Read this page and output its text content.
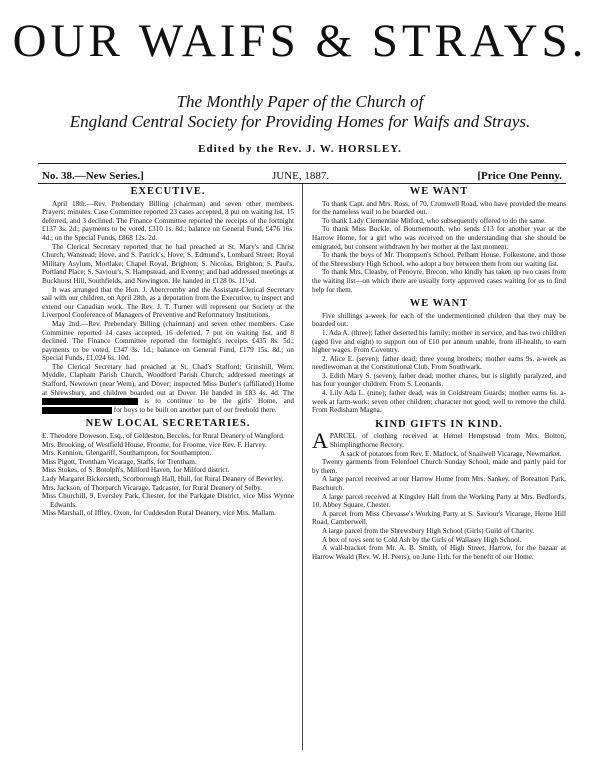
OUR WAIFS & STRAYS.
The Monthly Paper of the Church of
England Central Society for Providing Homes for Waifs and Strays.
Edited by the Rev. J. W. HORSLEY.
No. 38.—New Series.]	JUNE, 1887.	[Price One Penny.
EXECUTIVE.

April 18th.—Rev. Prebendary Billing (chairman) and seven other members. Prayers; minutes. Case Committee reported 23 cases accepted, 8 put on waiting list, 15 deferred, and 3 declined. The Finance Committee reported the receipts of the fortnight £137 3s. 2d.; payments to be voted, £310 1s. 8d.; balance on General Fund, £476 16s. 4d.; on the Special Funds, £868 12s. 2d.

The Clerical Secretary reported that he had preached at St. Mary's and Christ Church, Wanstead; Hove, and S. Patrick's, Hove; S. Edmund's, Lombard Street; Royal Military Asylum, Mortlake; Chapel Royal, Brighton; S. Nicolas, Brighton; S. Paul's, Portland Place; S. Saviour's, S. Hampstead, and Evenny; and had addressed meetings at Buckhurst Hill, Southfields, and Newington. He handed in £128 0s. 11½d.

It was arranged that the Hon. J. Abercromby and the Assistant-Clerical Secretary sail with our children, on April 28th, as a deputation from the Executive, to inspect and extend our Canadian work. The Rev. J. T. Turner will represent our Society at the Liverpool Conference of Managers of Preventive and Reformatory Institutions.

May 2nd.—Rev. Prebendary Billing (chairman) and seven other members. Case Committee reported 14 cases accepted, 16 deferred, 7 put on waiting list, and 8 declined. The Finance Committee reported the fortnight's receipts £435 8s. 5d.; payments to be voted, £347 3s. 1d.; balance on General Fund, £179 15s. 8d.; on Special Funds, £1,024 6s. 10d.

The Clerical Secretary had preached at St. Chad's Stafford; Grinshill, Wem, Myddle, Clapham Parish Church, Woodford Parish Church; addressed meetings at Stafford, Newtown (near Wem), and Dover; inspected Miss Butler's (affiliated) Home at Shrewsbury, and children boarded out at Dover. He handed in £83 4s. 4d. The  is to continue to be the girls' Home, and  for boys to be built on another part of our freehold there.

NEW LOCAL SECRETARIES.

E. Theodore Doweson, Esq., of Geldeston, Beccles, for Rural Deanery of Wangford.

Mrs. Brooking, of Westfield House, Froome, for Froome, vice Rev. F. Harvey.

Mrs. Kennion, Glengariff, Southampton, for Southampton.

Miss Pigott, Trentham Vicarage, Staffs, for Trentham.

Miss Stokes, of S. Botolph's, Milford Haven, for Milford district.

Lady Margaret Bickersteth, Scorborough Hall, Hull, for Rural Deanery of Beverley.

Mrs. Jackson, of Thorparch Vicarage, Tadcaster, for Rural Deanery of Selby.

Miss Churchill, 9, Eversley Park, Chester, for the Parkgate District, vice Miss Wynne Edwards.

Miss Marshall, of Iffley, Oxon, for Cuddesdon Rural Deanery, vice Mrs. Mallam.

WE WANT

To thank Capt. and Mrs. Ross, of 70, Cromwell Road, who have provided the means for the nameless waif to be boarded out.

To thank Lady Clementine Mitford, who subsequently offered to do the same.

To thank Miss Buckle, of Bournemouth, who sends £13 for another year at the Harrow Home, for a girl who was received on the understanding that she should be emigrated, but consent withdrawn by her mother at the last moment.

To thank the boys of Mr. Thompson's School, Pelham House, Folkestone, and those of the Shrewsbury High School, who adopt a boy between them from our waiting list.

To thank Mrs. Cleasby, of Penoyre, Brecon, who kindly has taken up two cases from the waiting list—on which there are usually forty approved cases waiting for us to find help for them.

WE WANT

Five shillings a-week for each of the undermentioned children that they may be boarded out:

1. Ada A. (three); father deserted his family; mother in service, and has two children (aged five and eight) to support out of £10 per annum unable, from ill-health, to earn higher wages. From Coventry.

2. Alice E. (seven); father dead; three young brothers; mother earns 9s. a-week as needlewoman at the Constitutional Club. From Southwark.

3. Edith Mary S. (seven); father dead; mother chares, but is slightly paralyzed, and has four younger children. From S. Leonards.

4. Lily Ada L. (nine); father dead, was in Coldstream Guards; mother earns 6s. a-week at farm-work; seven other children; character not good; well to remove the child. From Redisham Magna.

KIND GIFTS IN KIND.

A PARCEL of clothing received at Hemel Hempstead from Mrs. Bolton, Shimplingthorne Rectory.

A sack of potatoes from Rev. E. Matlock, of Snailwell Vicarage, Newmarket.

Twenty garments from Felenfoel Church Sunday School, made and partly paid for by them.

A large parcel received at our Harrow Home from Mrs. Sankey, of Boreatton Park, Baschurch.

A large parcel received at Kingsley Hall from the Working Party at Mrs. Bedford's, 10, Abbey Square, Chester.

A parcel from Miss Chevasse's Working Party at S. Saviour's Vicarage, Herne Hill Road, Camberwell.

A large parcel from the Shrewsbury High School (Girls) Guild of Charity.

A box of toys sent to Cold Ash by the Girls of Wallasey High School.

A wall-bracket from Mr. A. B. Smith, of High Street, Harrow, for the bazaar at Harrow Weald (Rev. W. H. Peers), on June 11th, for the benefit of our Home.
